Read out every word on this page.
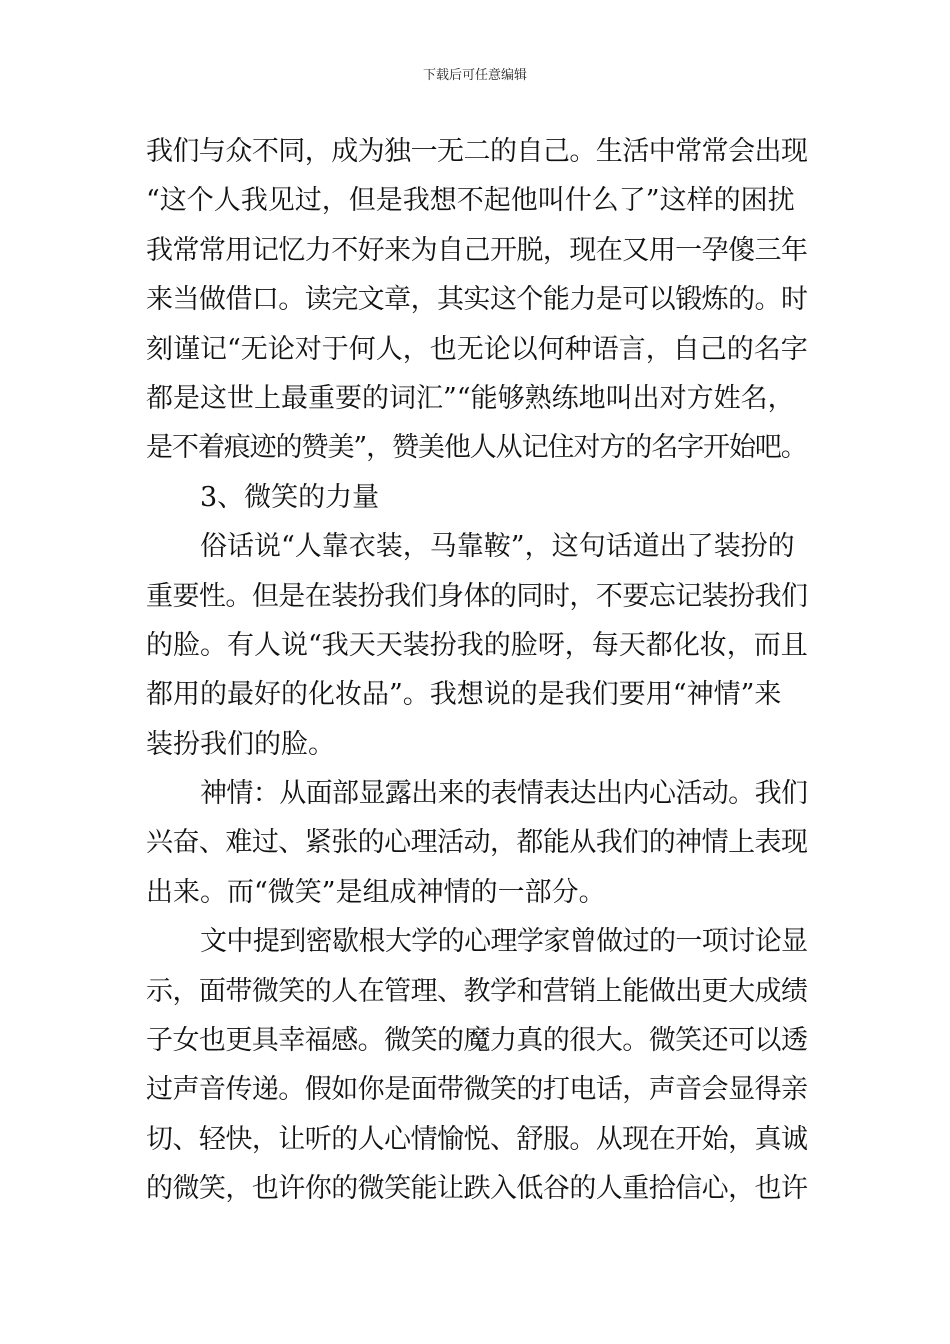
下载后可任意编辑
我们与众不同，成为独一无二的自己。生活中常常会出现
“这个人我见过，但是我想不起他叫什么了”这样的困扰
我常常用记忆力不好来为自己开脱，现在又用一孕傻三年
来当做借口。读完文章，其实这个能力是可以锻炼的。时
刻谨记“无论对于何人，也无论以何种语言，自己的名字
都是这世上最重要的词汇”“能够熟练地叫出对方姓名，
是不着痕迹的赞美”，赞美他人从记住对方的名字开始吧。
3、微笑的力量
俗话说“人靠衣装，马靠鞍”，这句话道出了装扮的
重要性。但是在装扮我们身体的同时，不要忘记装扮我们
的脸。有人说“我天天装扮我的脸呀，每天都化妆，而且
都用的最好的化妆品”。我想说的是我们要用“神情”来
装扮我们的脸。
神情：从面部显露出来的表情表达出内心活动。我们
兴奋、难过、紧张的心理活动，都能从我们的神情上表现
出来。而“微笑”是组成神情的一部分。
文中提到密歇根大学的心理学家曾做过的一项讨论显
示，面带微笑的人在管理、教学和营销上能做出更大成绩
子女也更具幸福感。微笑的魔力真的很大。微笑还可以透
过声音传递。假如你是面带微笑的打电话，声音会显得亲
切、轻快，让听的人心情愉悦、舒服。从现在开始，真诚
的微笑，也许你的微笑能让跌入低谷的人重拾信心，也许
